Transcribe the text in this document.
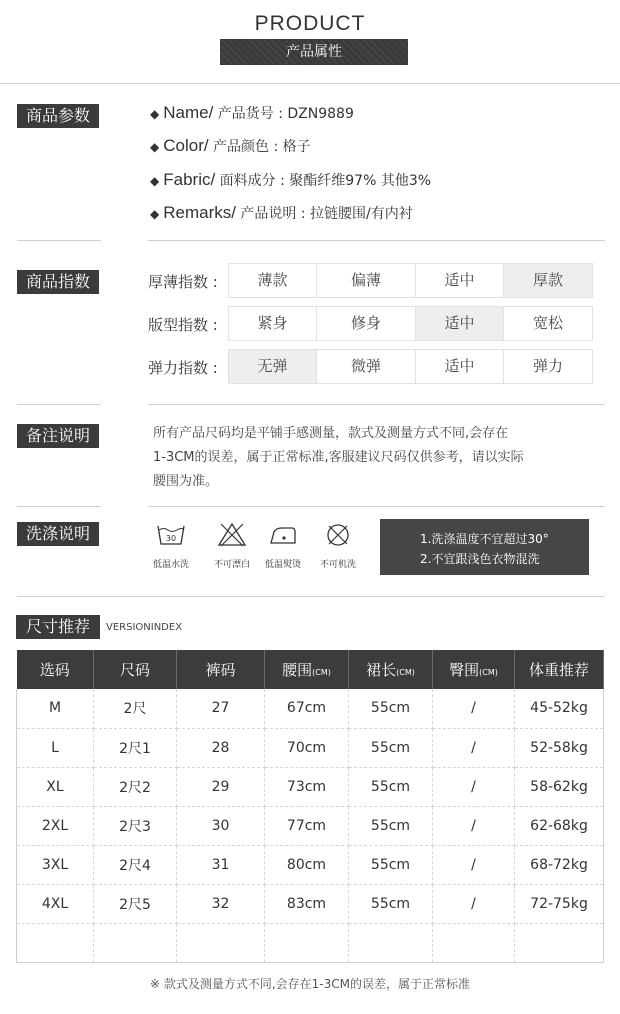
PRODUCT
产品属性
商品参数	◆ Name/ 产品货号 : DZN9889
◆ Color/ 产品颜色 : 格子
◆ Fabric/ 面料成分 : 聚酯纤维97% 其他3%
◆ Remarks/ 产品说明 : 拉链腰围/有内衬
商品指数	厚薄指数 :	薄款	偏薄	适中	厚款
版型指数 :	紧身	修身	适中	宽松
弹力指数 :	无弹	微弹	适中	弹力
备注说明	所有产品尺码均是平铺手感测量，款式及测量方式不同,会存在
1-3CM的误差，属于正常标准,客服建议尺码仅供参考，请以实际
腰围为准。
洗涤说明	30
低温水洗	不可漂白	低温熨烫	不可机洗
1.洗涤温度不宜超过30°
2.不宜跟浅色衣物混洗
尺寸推荐	VERSIONINDEX
选码	尺码	裤码	腰围(CM)	裙长(CM)	臀围(CM)	体重推荐
M	2尺	27	67cm	55cm	/	45-52kg
L	2尺1	28	70cm	55cm	/	52-58kg
XL	2尺2	29	73cm	55cm	/	58-62kg
2XL	2尺3	30	77cm	55cm	/	62-68kg
3XL	2尺4	31	80cm	55cm	/	68-72kg
4XL	2尺5	32	83cm	55cm	/	72-75kg

※ 款式及测量方式不同,会存在1-3CM的误差，属于正常标准
